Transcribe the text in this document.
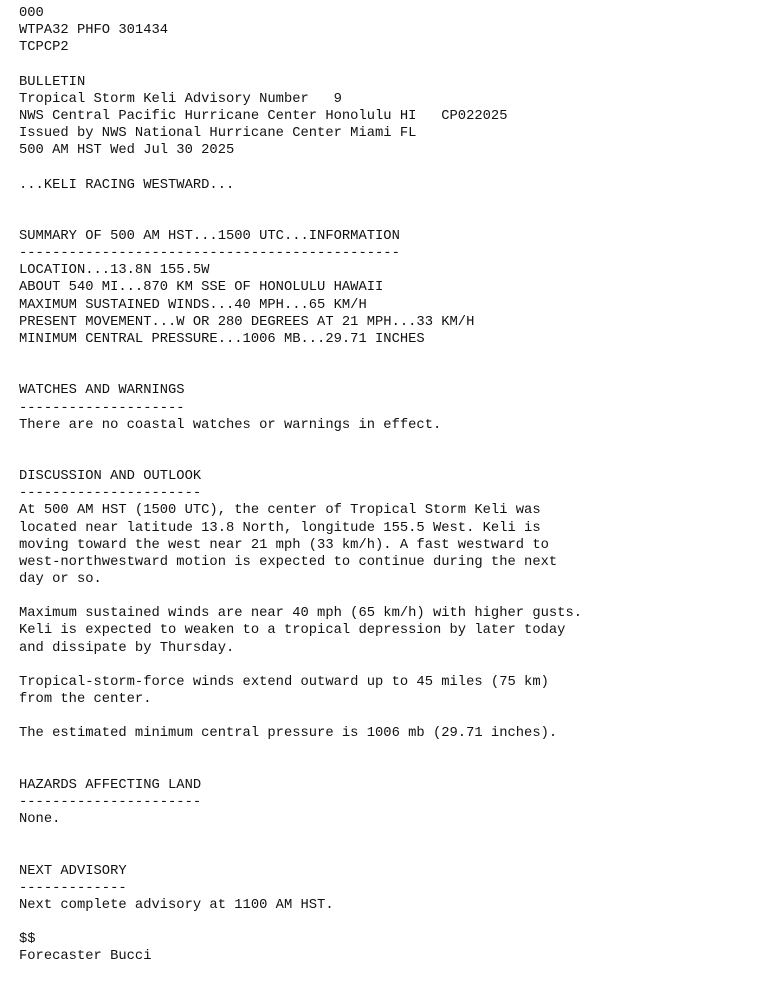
000
WTPA32 PHFO 301434
TCPCP2
BULLETIN
Tropical Storm Keli Advisory Number   9
NWS Central Pacific Hurricane Center Honolulu HI   CP022025
Issued by NWS National Hurricane Center Miami FL
500 AM HST Wed Jul 30 2025
...KELI RACING WESTWARD...
SUMMARY OF 500 AM HST...1500 UTC...INFORMATION
----------------------------------------------
LOCATION...13.8N 155.5W
ABOUT 540 MI...870 KM SSE OF HONOLULU HAWAII
MAXIMUM SUSTAINED WINDS...40 MPH...65 KM/H
PRESENT MOVEMENT...W OR 280 DEGREES AT 21 MPH...33 KM/H
MINIMUM CENTRAL PRESSURE...1006 MB...29.71 INCHES
WATCHES AND WARNINGS
--------------------
There are no coastal watches or warnings in effect.
DISCUSSION AND OUTLOOK
----------------------
At 500 AM HST (1500 UTC), the center of Tropical Storm Keli was
located near latitude 13.8 North, longitude 155.5 West. Keli is
moving toward the west near 21 mph (33 km/h). A fast westward to
west-northwestward motion is expected to continue during the next
day or so.
Maximum sustained winds are near 40 mph (65 km/h) with higher gusts.
Keli is expected to weaken to a tropical depression by later today
and dissipate by Thursday.
Tropical-storm-force winds extend outward up to 45 miles (75 km)
from the center.
The estimated minimum central pressure is 1006 mb (29.71 inches).
HAZARDS AFFECTING LAND
----------------------
None.
NEXT ADVISORY
-------------
Next complete advisory at 1100 AM HST.
$$
Forecaster Bucci
